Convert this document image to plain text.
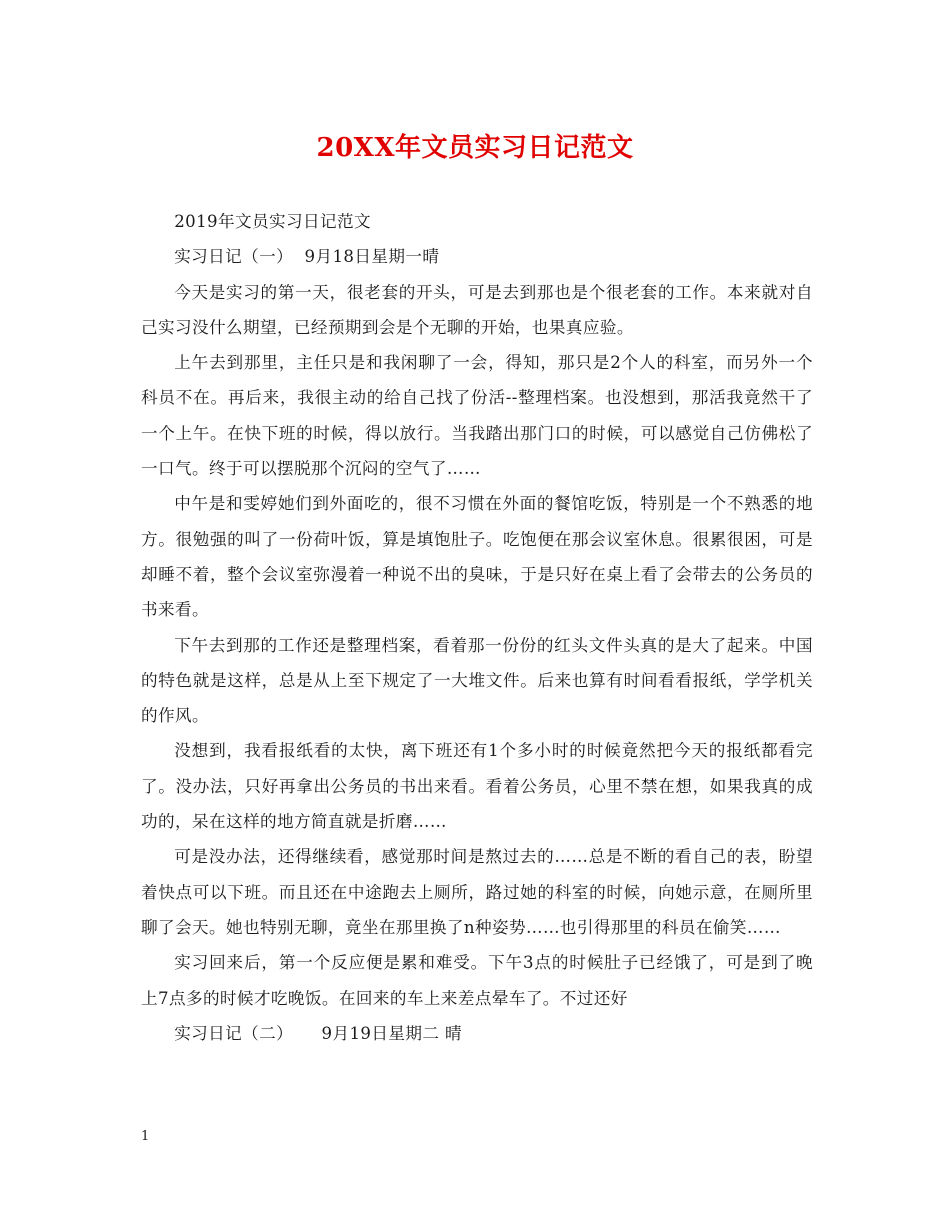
20XX年文员实习日记范文

2019年文员实习日记范文

实习日记（一）  9月18日星期一晴

今天是实习的第一天，很老套的开头，可是去到那也是个很老套的工作。本来就对自己实习没什么期望，已经预期到会是个无聊的开始，也果真应验。

上午去到那里，主任只是和我闲聊了一会，得知，那只是2个人的科室，而另外一个科员不在。再后来，我很主动的给自己找了份活--整理档案。也没想到，那活我竟然干了一个上午。在快下班的时候，得以放行。当我踏出那门口的时候，可以感觉自己仿佛松了一口气。终于可以摆脱那个沉闷的空气了……

中午是和雯婷她们到外面吃的，很不习惯在外面的餐馆吃饭，特别是一个不熟悉的地方。很勉强的叫了一份荷叶饭，算是填饱肚子。吃饱便在那会议室休息。很累很困，可是却睡不着，整个会议室弥漫着一种说不出的臭味，于是只好在桌上看了会带去的公务员的书来看。

下午去到那的工作还是整理档案，看着那一份份的红头文件头真的是大了起来。中国的特色就是这样，总是从上至下规定了一大堆文件。后来也算有时间看看报纸，学学机关的作风。

没想到，我看报纸看的太快，离下班还有1个多小时的时候竟然把今天的报纸都看完了。没办法，只好再拿出公务员的书出来看。看着公务员，心里不禁在想，如果我真的成功的，呆在这样的地方简直就是折磨……

可是没办法，还得继续看，感觉那时间是熬过去的……总是不断的看自己的表，盼望着快点可以下班。而且还在中途跑去上厕所，路过她的科室的时候，向她示意，在厕所里聊了会天。她也特别无聊，竟坐在那里换了n种姿势……也引得那里的科员在偷笑……

实习回来后，第一个反应便是累和难受。下午3点的时候肚子已经饿了，可是到了晚上7点多的时候才吃晚饭。在回来的车上来差点晕车了。不过还好

实习日记（二）     9月19日星期二 晴

1
